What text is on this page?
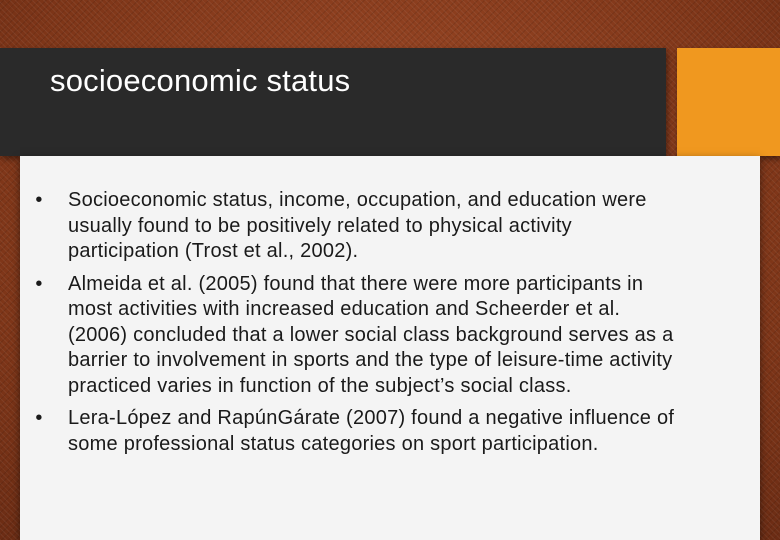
socioeconomic status
• Socioeconomic status, income, occupation, and education were usually found to be positively related to physical activity participation (Trost et al., 2002).
• Almeida et al. (2005) found that there were more participants in most activities with increased education and Scheerder et al. (2006) concluded that a lower social class background serves as a barrier to involvement in sports and the type of leisure-time activity practiced varies in function of the subject’s social class.
• Lera-López and RapúnGárate (2007) found a negative influence of some professional status categories on sport participation.
